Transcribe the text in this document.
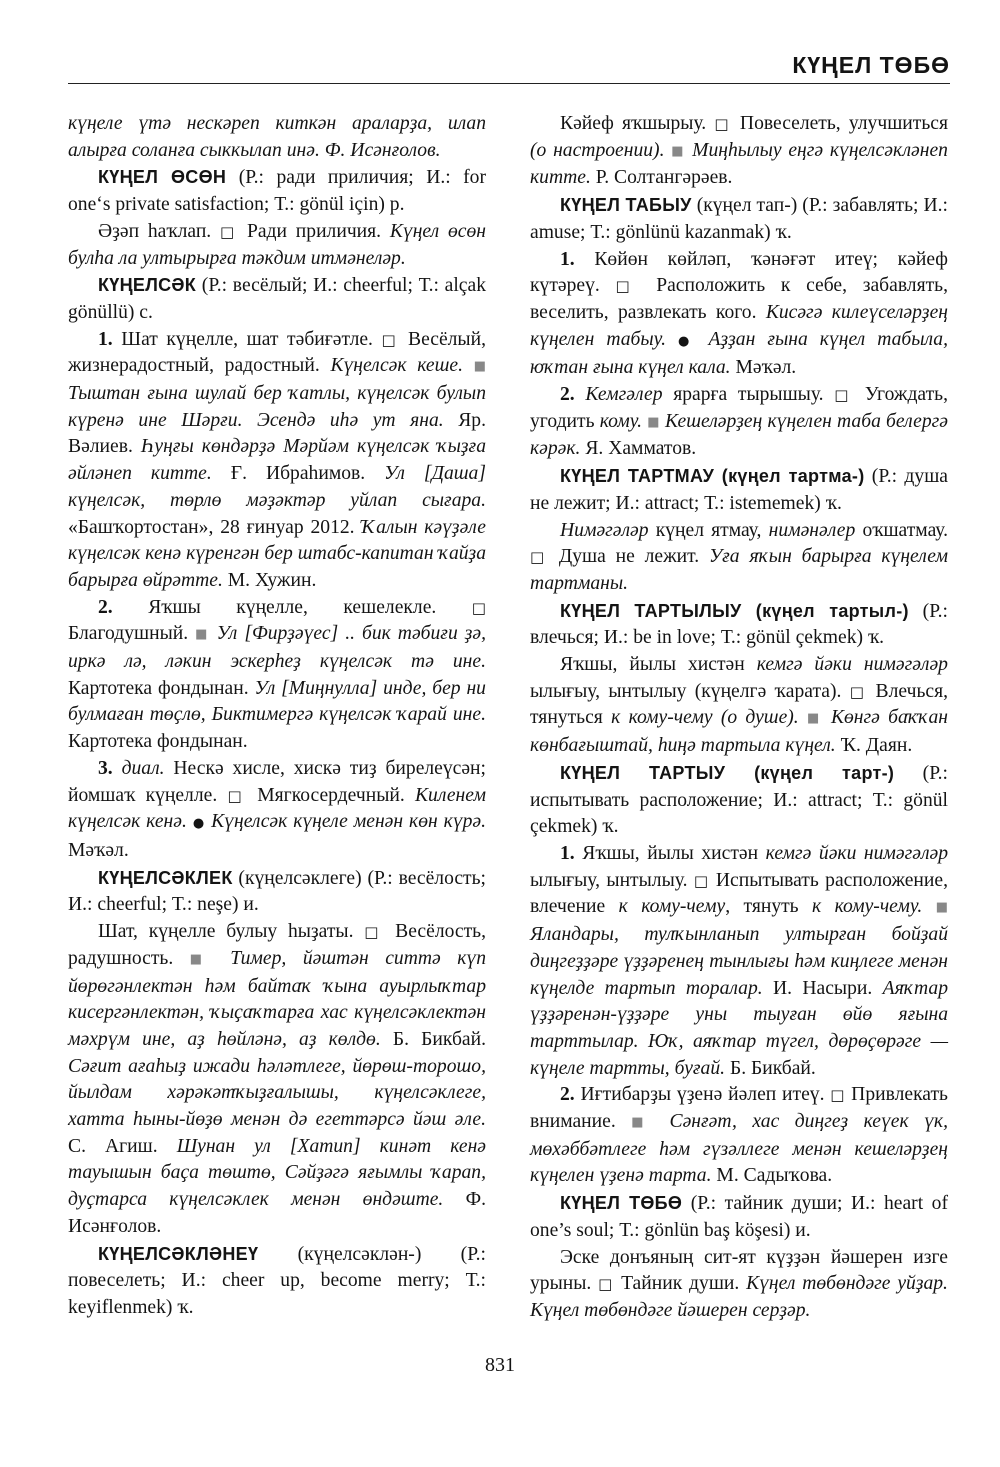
КҮҢЕЛ ТӨБӨ

күңеле үтә нескәреп киткән араларҙа, илап алырға соланға сыккылап инә. Ф. Исәнғолов.

КҮҢЕЛ ӨСӨН (Р.: ради приличия; И.: for one‘s private satisfaction; Т.: gönül için) p.

Әҙәп һаҡлап. □ Ради приличия. Күңел өсөн булһа ла ултырырға тәкдим итмәнеләр.

КҮҢЕЛСӘК (Р.: весёлый; И.: cheerful; Т.: alçak gönüllü) с.

1. Шат күңелле, шат тәбиғәтле. □ Весёлый, жизнерадостный, радостный. Күңелсәк кеше. ■ Тыштан ғына шулай бер ҡатлы, күңелсәк булып күренә ине Шәрғи. Эсендә иһә ут яна. Яр. Вәлиев. Һуңғы көндәрҙә Мәрйәм күңелсәк ҡыҙға әйләнеп китте. Ғ. Ибраһимов. Ул [Даша] күңелсәк, төрлө мәҙәктәр уйлап сығара. «Башҡортостан», 28 ғинуар 2012. Ҡалын кәүҙәле күңелсәк кенә күренгән бер штабс-капитан ҡайҙа барырға өйрәтте. М. Хужин.

2. Яҡшы күңелле, кешелекле. □ Благодушный. ■ Ул [Фирҙәүес] .. бик тәбиғи ҙә, иркә лә, ләкин эскерһеҙ күңелсәк тә ине. Картотека фондынан. Ул [Миңнулла] инде, бер ни булмаған төҫлө, Биктимергә күңелсәк ҡарай ине. Картотека фондынан.

3. диал. Нескә хисле, хискә тиҙ бирелеүсән; йомшаҡ күңелле. □ Мягкосердечный. Киленем күңелсәк кенә. ● Күңелсәк күңеле менән көн күрә. Мәҡәл.

КҮҢЕЛСӘКЛЕК (күңелсәклеге) (Р.: весёлость; И.: cheerful; Т.: neşe) и.

Шат, күңелле булыу һыҙаты. □ Весёлость, радушность. ■ Тимер, йәштән ситтә күп йөрөгәнлектән һәм байтаҡ ҡына ауырлыҡтар кисергәнлектән, ҡыҫаҡтарға хас күңелсәклектән мәхрүм ине, аҙ һөйләнә, аҙ көлдө. Б. Бикбай. Сәғит ағаһыҙ ижади һәләтлеге, йөрөш-торошо, йылдам хәрәкәтҡыҙғалышы, күңелсәклеге, хатта һыны-йөҙө менән дә егеттәрсә йәш әле. С. Агиш. Шунан ул [Хатип] кинәт кенә тауышын баҫа төштө, Сәйҙәгә яғымлы ҡарап, дуҫтарса күңелсәклек менән өндәште. Ф. Исәнғолов.

КҮҢЕЛСӘКЛӘНЕҮ (күңелсәклән-) (Р.: повеселеть; И.: cheer up, become merry; Т.: keyiflenmek) ҡ.

Кәйеф яҡшырыу. □ Повеселеть, улучшиться (о настроении). ■ Миңһылыу еңгә күңелсәкләнеп китте. Р. Солтангәрәев.

КҮҢЕЛ ТАБЫУ (күңел тап-) (Р.: забавлять; И.: amuse; Т.: gönlünü kazanmak) ҡ.

1. Көйөн көйләп, ҡәнәғәт итеү; кәйеф күтәреү. □ Расположить к себе, забавлять, веселить, развлекать кого. Кисәгә килеүселәрҙең күңелен табыу. ● Аҙҙан ғына күңел табыла, юҡтан ғына күңел кала. Мәҡәл.

2. Кемгәлер ярарға тырышыу. □ Угождать, угодить кому. ■ Кешеләрҙең күңелен таба белергә кәрәк. Я. Хамматов.

КҮҢЕЛ ТАРТМАУ (күңел тартма-) (Р.: душа не лежит; И.: attract; Т.: istememek) ҡ.

Нимәгәләр күңел ятмау, нимәнәлер оҡшатмау. □ Душа не лежит. Уға яҡын барырға күңелем тартманы.

КҮҢЕЛ ТАРТЫЛЫУ (күңел тартыл-) (Р.: влечься; И.: be in love; Т.: gönül çekmek) ҡ.

Яҡшы, йылы хистән кемгә йәки нимәгәләр ылығыу, ынтылыу (күңелгә ҡарата). □ Влечься, тянуться к кому-чему (о душе). ■ Көнгә баҡҡан көнбағыштай, һиңә тартыла күңел. Ҡ. Даян.

КҮҢЕЛ ТАРТЫУ (күңел тарт-) (Р.: испытывать расположение; И.: attract; Т.: gönül çekmek) ҡ.

1. Яҡшы, йылы хистән кемгә йәки нимәгәләр ылығыу, ынтылыу. □ Испытывать расположение, влечение к кому-чему, тянуть к кому-чему. ■ Яландары, тулҡынланып ултырған бойҙай диңгеҙҙәре үҙҙәренең тынлығы һәм киңлеге менән күңелде тартып торалар. И. Насыри. Аяҡтар үҙҙәренән-үҙҙәре уны тыуған өйө яғына тарттылар. Юҡ, аяҡтар түгел, дөрөҫөрәге — күңеле тартты, буғай. Б. Бикбай.

2. Иғтибарҙы үҙенә йәлеп итеү. □ Привлекать внимание. ■ Сәнғәт, хас диңгеҙ кеүек үк, мөхәббәтлеге һәм гүзәллеге менән кешеләрҙең күңелен үҙенә тарта. М. Садыҡова.

КҮҢЕЛ ТӨБӨ (Р.: тайник души; И.: heart of one’s soul; Т.: gönlün baş köşesi) и.

Эске донъяның сит-ят күҙҙән йәшерен изге урыны. □ Тайник души. Күңел төбөндәге уйҙар. Күңел төбөндәге йәшерен серҙәр.

831
